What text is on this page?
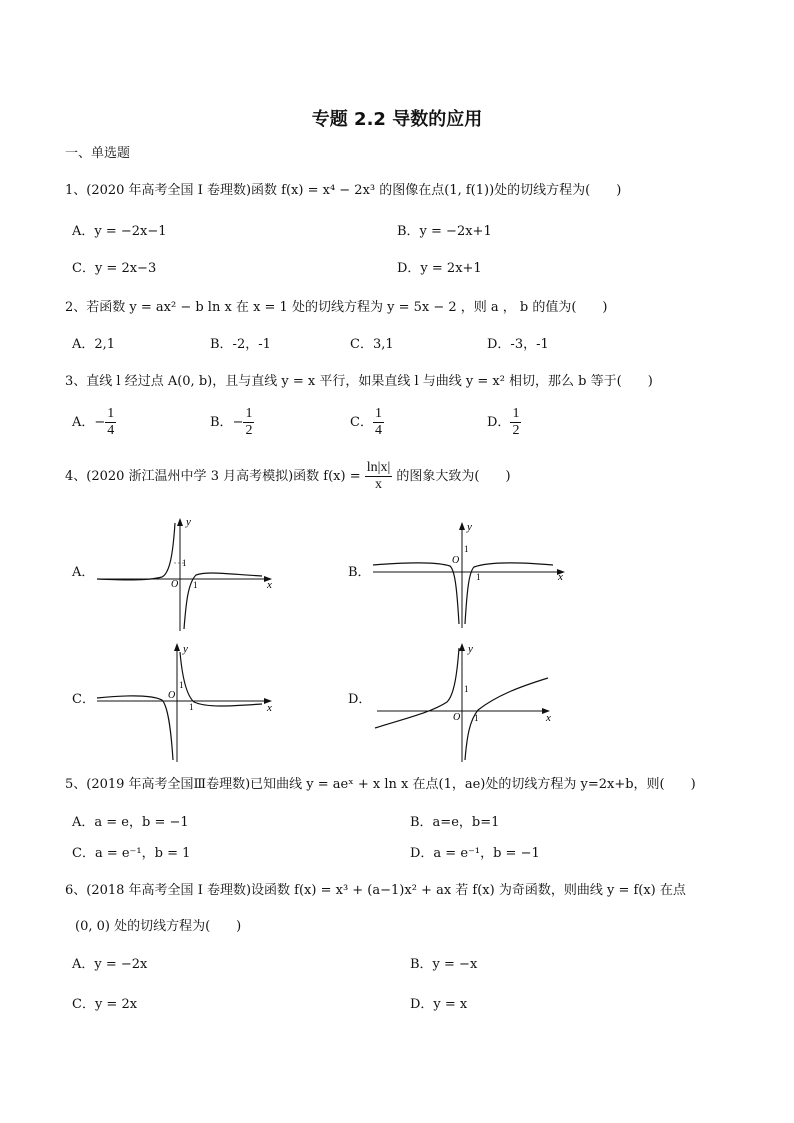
专题 2.2 导数的应用
一、单选题
1、(2020 年高考全国 I 卷理数)函数 f(x) = x⁴ − 2x³ 的图像在点(1, f(1))处的切线方程为(　　)
A．y = −2x−1	B．y = −2x+1
C．y = 2x−3	D．y = 2x+1
2、若函数 y = ax² − b ln x 在 x = 1 处的切线方程为 y = 5x − 2 ，则 a ， b 的值为(　　)
A．2,1	B．-2，-1	C．3,1	D．-3，-1
3、直线 l 经过点 A(0, b)，且与直线 y = x 平行，如果直线 l 与曲线 y = x² 相切，那么 b 等于(　　)
A．− $\frac{1}{4}$	B．− $\frac{1}{2}$	C． $\frac{1}{4}$	D． $\frac{1}{2}$
4、(2020 浙江温州中学 3 月高考模拟)函数 $f(x) = \frac{\ln|x|}{x}$ 的图象大致为(　　)
A．	B．
C．	D．
y
x
O 1
1
y
x
O
1
1
y
x
O
1
1
y
x
O 1
1
5、(2019 年高考全国Ⅲ卷理数)已知曲线 y = aeˣ + x ln x 在点(1，ae)处的切线方程为 y=2x+b，则(　　)
A．a = e，b = −1	B．a=e，b=1
C．a = e⁻¹，b = 1	D．a = e⁻¹，b = −1
6、(2018 年高考全国 I 卷理数)设函数 f(x) = x³ + (a−1)x² + ax 若 f(x) 为奇函数，则曲线 y = f(x) 在点
(0, 0) 处的切线方程为(　　)
A．y = −2x	B．y = −x
C．y = 2x	D．y = x
